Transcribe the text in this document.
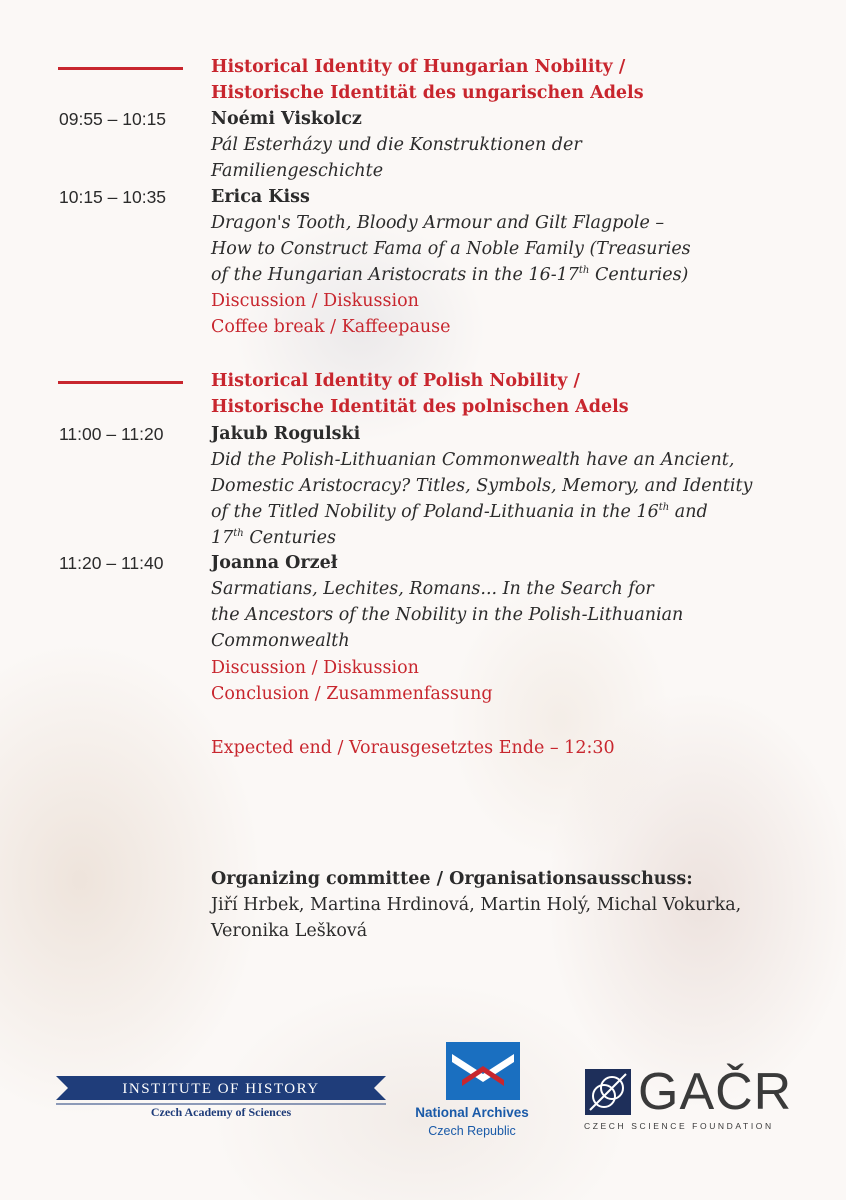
Historical Identity of Hungarian Nobility /
Historische Identität des ungarischen Adels
09:55 – 10:15	Noémi Viskolcz
Pál Esterházy und die Konstruktionen der
Familiengeschichte
10:15 – 10:35	Erica Kiss
Dragon's Tooth, Bloody Armour and Gilt Flagpole –
How to Construct Fama of a Noble Family (Treasuries
of the Hungarian Aristocrats in the 16-17th Centuries)
Discussion / Diskussion
Coffee break / Kaffeepause
Historical Identity of Polish Nobility /
Historische Identität des polnischen Adels
11:00 – 11:20	Jakub Rogulski
Did the Polish-Lithuanian Commonwealth have an Ancient,
Domestic Aristocracy? Titles, Symbols, Memory, and Identity
of the Titled Nobility of Poland-Lithuania in the 16th and
17th Centuries
11:20 – 11:40	Joanna Orzeł
Sarmatians, Lechites, Romans... In the Search for
the Ancestors of the Nobility in the Polish-Lithuanian
Commonwealth
Discussion / Diskussion
Conclusion / Zusammenfassung
Expected end / Vorausgesetztes Ende – 12:30
Organizing committee / Organisationsausschuss:
Jiří Hrbek, Martina Hrdinová, Martin Holý, Michal Vokurka,
Veronika Lešková
INSTITUTE OF HISTORY
Czech Academy of Sciences	National Archives
Czech Republic
GAČR
CZECH SCIENCE FOUNDATION
